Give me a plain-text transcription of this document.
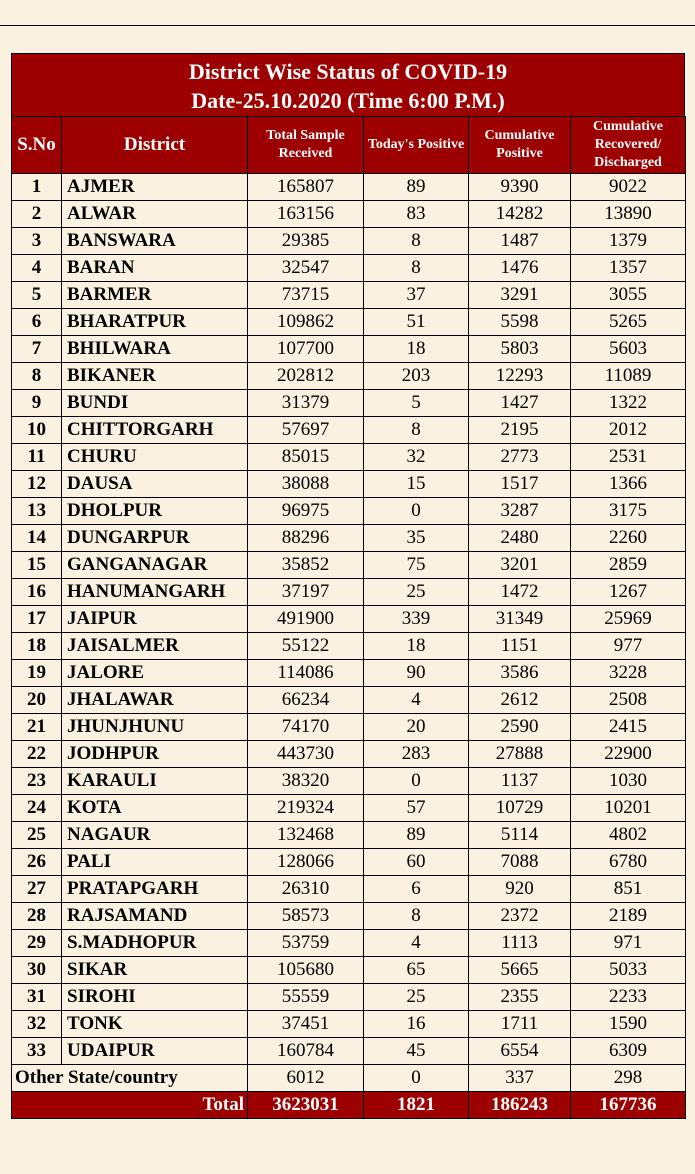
District Wise Status of COVID-19
Date-25.10.2020 (Time 6:00 P.M.)
S.No	District	Total Sample Received	Today's Positive	Cumulative Positive	Cumulative Recovered/ Discharged
1	AJMER	165807	89	9390	9022
2	ALWAR	163156	83	14282	13890
3	BANSWARA	29385	8	1487	1379
4	BARAN	32547	8	1476	1357
5	BARMER	73715	37	3291	3055
6	BHARATPUR	109862	51	5598	5265
7	BHILWARA	107700	18	5803	5603
8	BIKANER	202812	203	12293	11089
9	BUNDI	31379	5	1427	1322
10	CHITTORGARH	57697	8	2195	2012
11	CHURU	85015	32	2773	2531
12	DAUSA	38088	15	1517	1366
13	DHOLPUR	96975	0	3287	3175
14	DUNGARPUR	88296	35	2480	2260
15	GANGANAGAR	35852	75	3201	2859
16	HANUMANGARH	37197	25	1472	1267
17	JAIPUR	491900	339	31349	25969
18	JAISALMER	55122	18	1151	977
19	JALORE	114086	90	3586	3228
20	JHALAWAR	66234	4	2612	2508
21	JHUNJHUNU	74170	20	2590	2415
22	JODHPUR	443730	283	27888	22900
23	KARAULI	38320	0	1137	1030
24	KOTA	219324	57	10729	10201
25	NAGAUR	132468	89	5114	4802
26	PALI	128066	60	7088	6780
27	PRATAPGARH	26310	6	920	851
28	RAJSAMAND	58573	8	2372	2189
29	S.MADHOPUR	53759	4	1113	971
30	SIKAR	105680	65	5665	5033
31	SIROHI	55559	25	2355	2233
32	TONK	37451	16	1711	1590
33	UDAIPUR	160784	45	6554	6309
Other State/country		6012	0	337	298
Total		3623031	1821	186243	167736
